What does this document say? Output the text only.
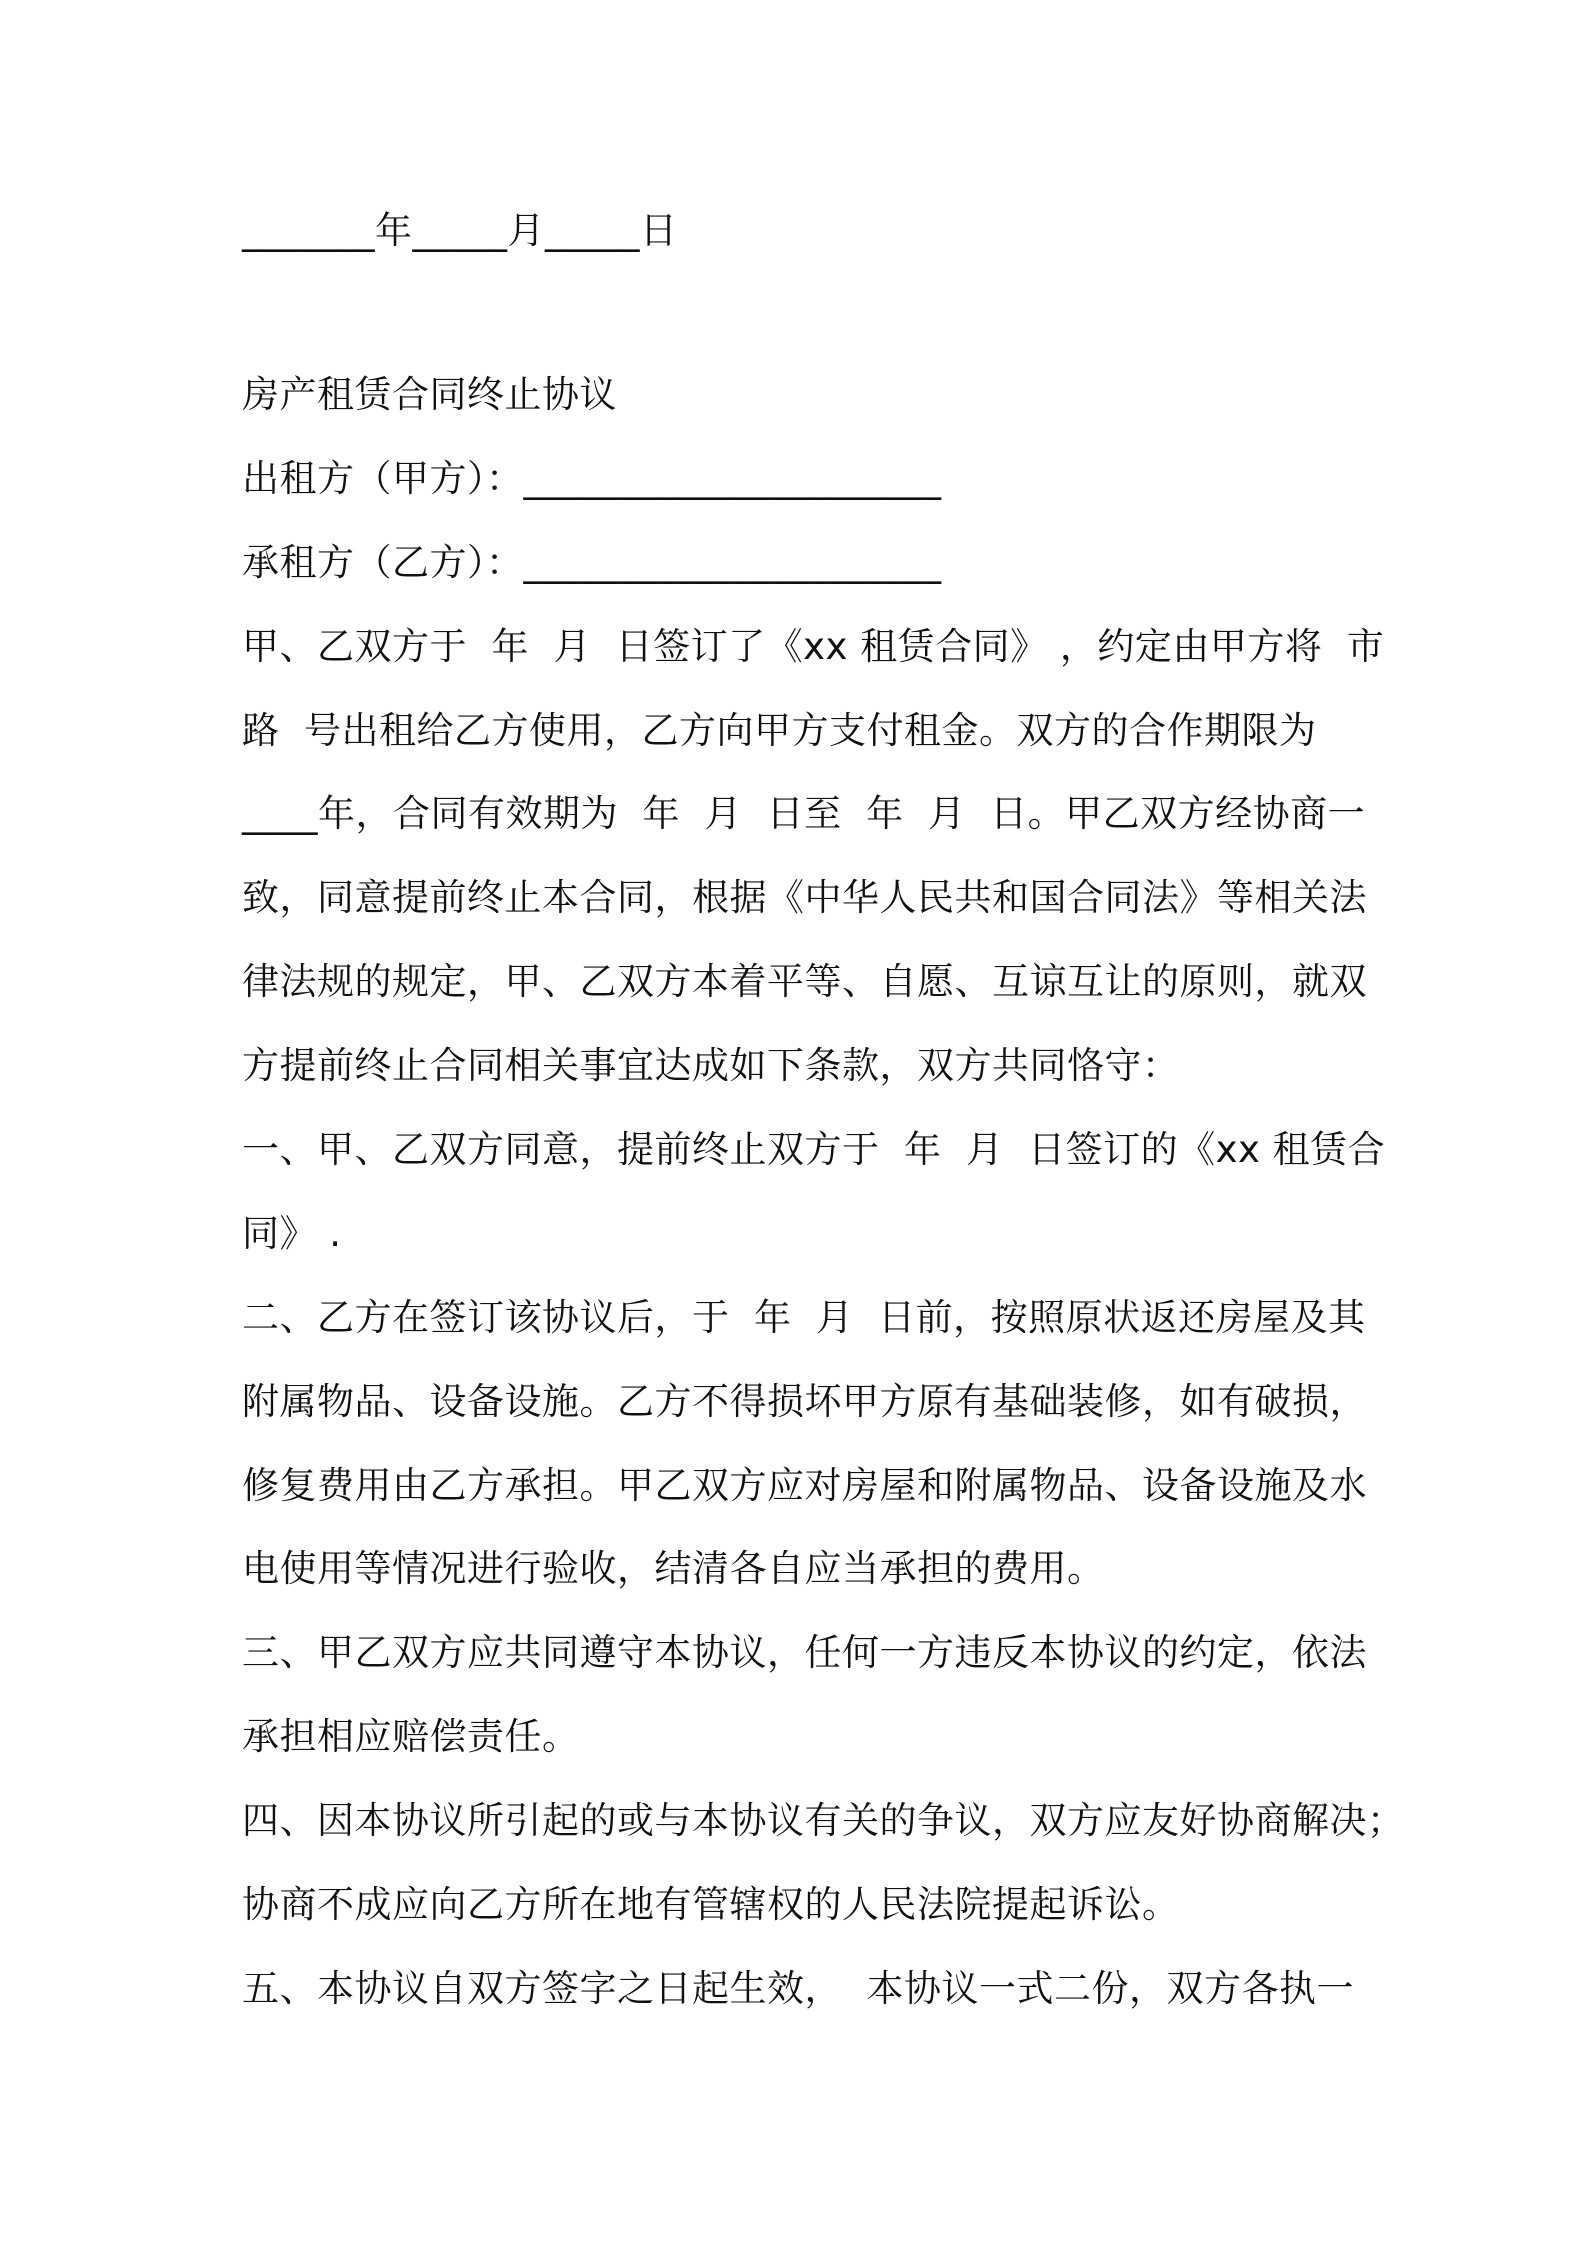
_______年_____月_____日
房产租赁合同终止协议
出租方（甲方）：______________________
承租方（乙方）：______________________
甲、乙双方于  年  月  日签订了《xx 租赁合同》 ，约定由甲方将  市
路  号出租给乙方使用，乙方向甲方支付租金。双方的合作期限为
____年，合同有效期为  年  月  日至  年  月  日。甲乙双方经协商一
致，同意提前终止本合同，根据《中华人民共和国合同法》等相关法
律法规的规定，甲、乙双方本着平等、自愿、互谅互让的原则，就双
方提前终止合同相关事宜达成如下条款，双方共同恪守：
一、甲、乙双方同意，提前终止双方于  年  月  日签订的《xx 租赁合
同》 .
二、乙方在签订该协议后，于  年  月  日前，按照原状返还房屋及其
附属物品、设备设施。乙方不得损坏甲方原有基础装修，如有破损，
修复费用由乙方承担。甲乙双方应对房屋和附属物品、设备设施及水
电使用等情况进行验收，结清各自应当承担的费用。
三、甲乙双方应共同遵守本协议，任何一方违反本协议的约定，依法
承担相应赔偿责任。
四、因本协议所引起的或与本协议有关的争议，双方应友好协商解决；
协商不成应向乙方所在地有管辖权的人民法院提起诉讼。
五、本协议自双方签字之日起生效，  本协议一式二份，双方各执一
